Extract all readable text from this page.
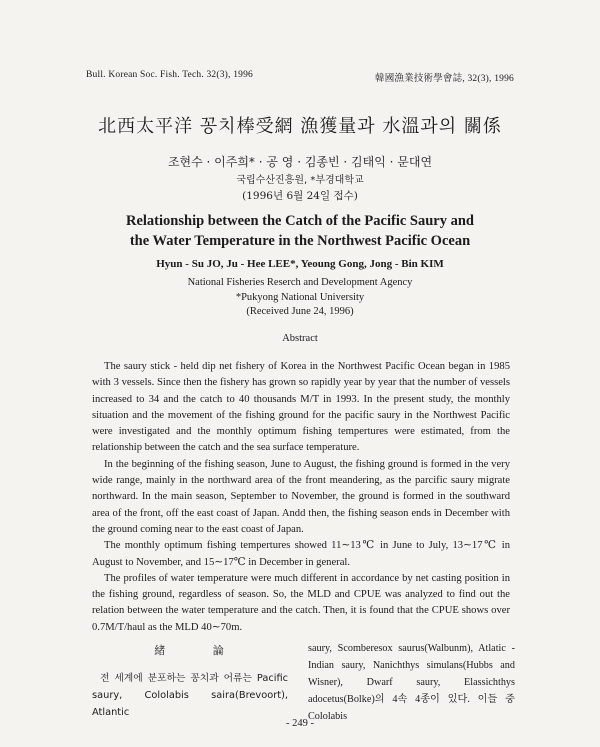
Bull. Korean Soc. Fish. Tech. 32(3), 1996	韓國漁業技術學會誌, 32(3), 1996
北西太平洋 꽁치棒受網 漁獲量과 水溫과의 關係
조현수 · 이주희* · 공 영 · 김종빈 · 김태익 · 문대연
국립수산진흥원, *부경대학교
(1996년 6월 24일 접수)
Relationship between the Catch of the Pacific Saury and
the Water Temperature in the Northwest Pacific Ocean
Hyun - Su JO, Ju - Hee LEE*, Yeoung Gong, Jong - Bin KIM
National Fisheries Reserch and Development Agency
*Pukyong National University
(Received June 24, 1996)
Abstract

The saury stick - held dip net fishery of Korea in the Northwest Pacific Ocean began in 1985 with 3 vessels. Since then the fishery has grown so rapidly year by year that the number of vessels increased to 34 and the catch to 40 thousands M/T in 1993. In the present study, the monthly situation and the movement of the fishing ground for the pacific saury in the Northwest Pacific were investigated and the monthly optimum fishing tempertures were estimated, from the relationship between the catch and the sea surface temperature.

In the beginning of the fishing season, June to August, the fishing ground is formed in the very wide range, mainly in the northward area of the front meandering, as the parcific saury migrate northward. In the main season, September to November, the ground is formed in the southward area of the front, off the east coast of Japan. Andd then, the fishing season ends in December with the ground coming near to the east coast of Japan.

The monthly optimum fishing tempertures showed 11∼13℃ in June to July, 13∼17℃ in August to November, and 15∼17℃ in December in general.

The profiles of water temperature were much different in accordance by net casting position in the fishing ground, regardless of season. So, the MLD and CPUE was analyzed to find out the relation between the water temperature and the catch. Then, it is found that the CPUE shows over 0.7M/T/haul as the MLD 40∼70m.

緒 論
전 세계에 분포하는 꽁치과 어류는 Pacific saury, Cololabis saira(Brevoort), Atlantic
saury, Scomberesox saurus(Walbunm), Atlatic - Indian saury, Nanichthys simulans(Hubbs and Wisner), Dwarf saury, Elassichthys adocetus(Bolke)의 4속 4종이 있다. 이들 중 Cololabis
- 249 -
